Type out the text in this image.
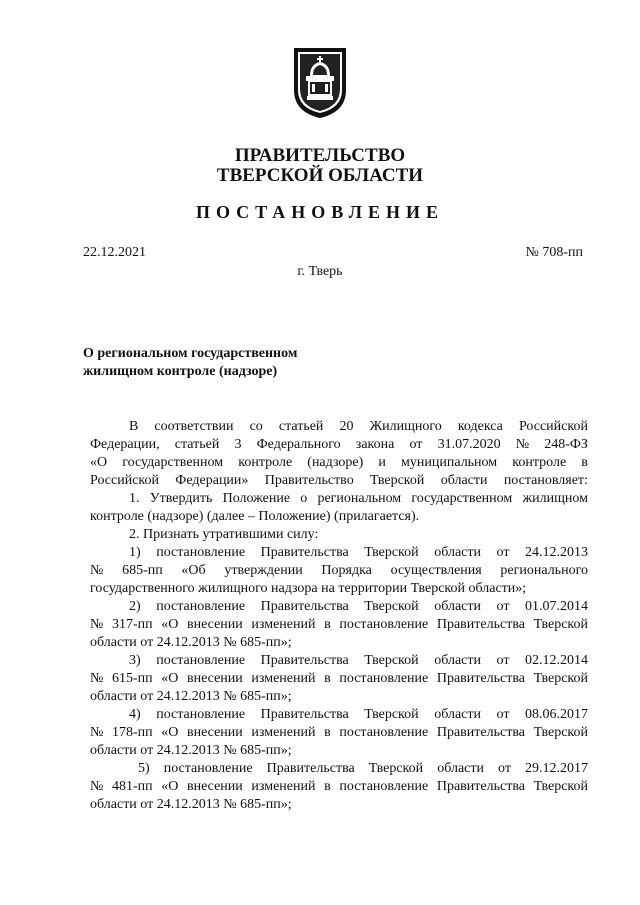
ПРАВИТЕЛЬСТВО
ТВЕРСКОЙ ОБЛАСТИ
ПОСТАНОВЛЕНИЕ
22.12.2021	№ 708-пп
г. Тверь
О региональном государственном
жилищном контроле (надзоре)
В соответствии со статьей 20 Жилищного кодекса Российской
Федерации, статьей 3 Федерального закона от 31.07.2020 № 248-ФЗ
«О государственном контроле (надзоре) и муниципальном контроле в
Российской Федерации» Правительство Тверской области постановляет:
1. Утвердить Положение о региональном государственном жилищном
контроле (надзоре) (далее – Положение) (прилагается).
2. Признать утратившими силу:
1) постановление Правительства Тверской области от 24.12.2013
№ 685-пп «Об утверждении Порядка осуществления регионального
государственного жилищного надзора на территории Тверской области»;
2) постановление Правительства Тверской области от 01.07.2014
№ 317-пп «О внесении изменений в постановление Правительства Тверской
области от 24.12.2013 № 685-пп»;
3) постановление Правительства Тверской области от 02.12.2014
№ 615-пп «О внесении изменений в постановление Правительства Тверской
области от 24.12.2013 № 685-пп»;
4) постановление Правительства Тверской области от 08.06.2017
№ 178-пп «О внесении изменений в постановление Правительства Тверской
области от 24.12.2013 № 685-пп»;
5) постановление Правительства Тверской области от 29.12.2017
№ 481-пп «О внесении изменений в постановление Правительства Тверской
области от 24.12.2013 № 685-пп»;
